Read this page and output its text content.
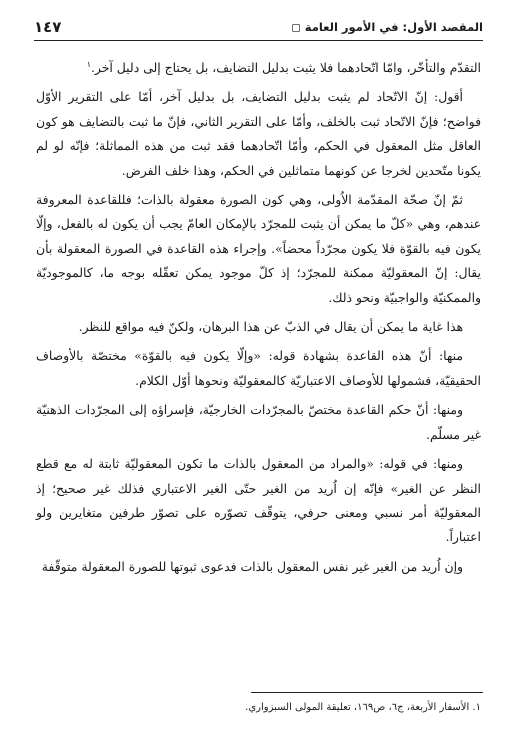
المقصد الأول: في الأمور العامة ◻
١٤٧

التقدّم والتأخّر، وامّا اتّحادهما فلا يثبت بدليل التضايف، بل يحتاج إلى دليل آخر.$^١$

أقول: إنّ الاتّحاد لم يثبت بدليل التضايف، بل بدليل آخر، أمّا على التقرير الأوّل فواضح؛ فإنّ الاتّحاد ثبت بالخلف، وأمّا على التقرير الثاني، فإنّ ما ثبت بالتضايف هو كون العاقل مثل المعقول في الحكم، وأمّا اتّحادهما فقد ثبت من هذه المماثلة؛ فإنّه لو لم يكونا متّحدين لخرجا عن كونهما متماثلين في الحكم، وهذا خلف الفرض.

ثمّ إنّ صحّة المقدّمة الاُولى، وهي كون الصورة معقولة بالذات؛ فللقاعدة المعروفة عندهم، وهي «كلّ ما يمكن أن يثبت للمجرّد بالإمكان العامّ يجب أن يكون له بالفعل، وإلّا يكون فيه بالقوّة فلا يكون مجرّداً محضاً». وإجراء هذه القاعدة في الصورة المعقولة بأن يقال: إنّ المعقوليّة ممكنة للمجرّد؛ إذ كلّ موجود يمكن تعقّله بوجه ما، كالموجوديّة والممكنيّة والواجبيّة ونحو ذلك.

هذا غاية ما يمكن أن يقال في الذبّ عن هذا البرهان، ولكنّ فيه مواقع للنظر.

منها: أنّ هذه القاعدة بشهادة قوله: «وإلّا يكون فيه بالقوّة» مختصّة بالأوصاف الحقيقيّة، فشمولها للأوصاف الاعتباريّة كالمعقوليّة ونحوها أوّل الكلام.

ومنها: أنّ حكم القاعدة مختصّ بالمجرّدات الخارجيّة، فإسراؤه إلى المجرّدات الذهنيّة غير مسلّم.

ومنها: في قوله: «والمراد من المعقول بالذات ما تكون المعقوليّة ثابتة له مع قطع النظر عن الغير» فإنّه إن اُريد من الغير حتّى الغير الاعتباري فذلك غير صحيح؛ إذ المعقوليّة أمر نسبي ومعنى حرفي، يتوقّف تصوّره على تصوّر طرفين متغايرين ولو اعتباراً.

وإن اُريد من الغير غير نفس المعقول بالذات فدعوى ثبوتها للصورة المعقولة متوقّفة

١. الأسفار الأربعة، ج٦، ص١٦٩، تعليقة المولى السبزواري.
